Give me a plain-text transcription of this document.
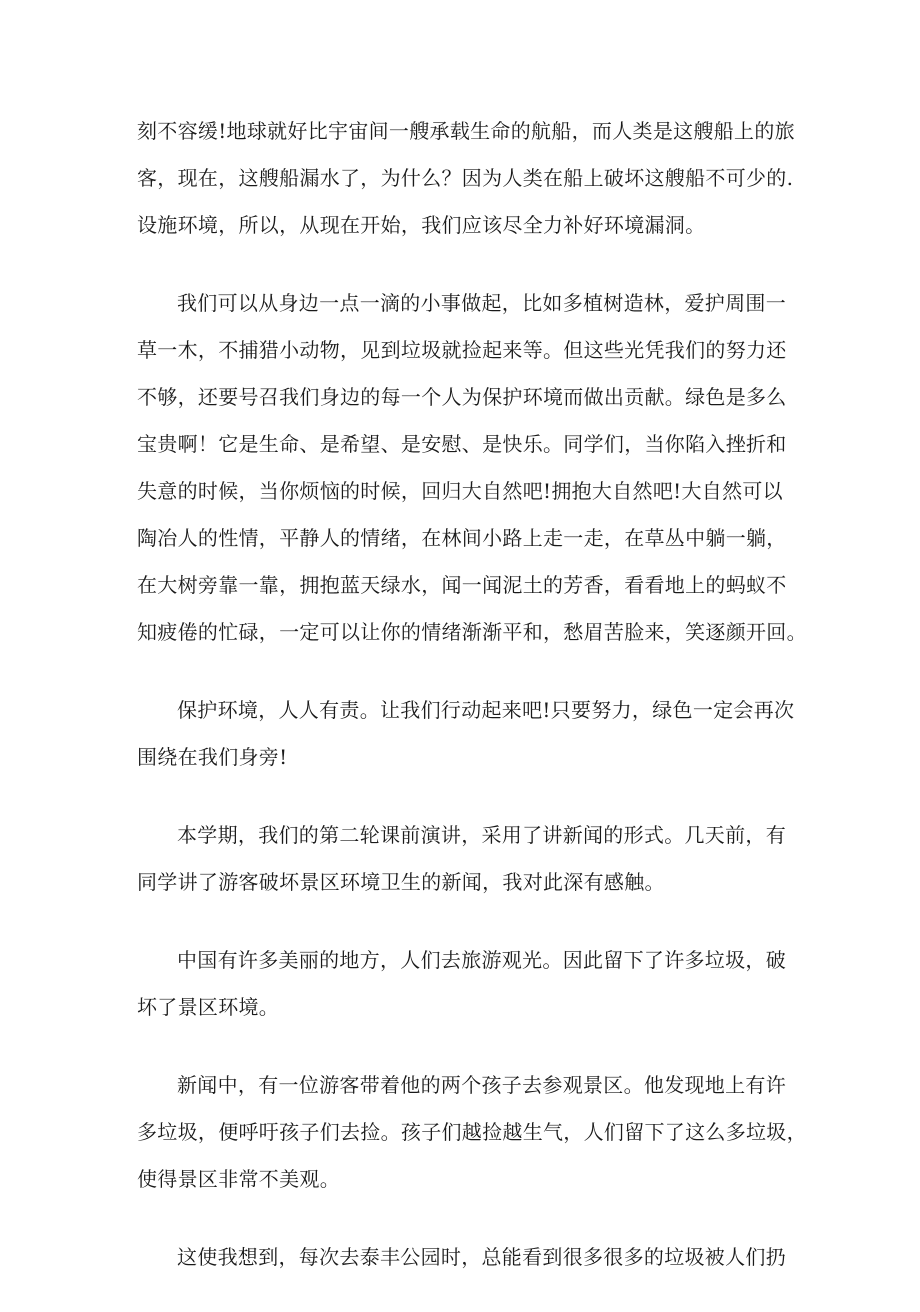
刻不容缓!地球就好比宇宙间一艘承载生命的航船，而人类是这艘船上的旅
客，现在，这艘船漏水了，为什么？因为人类在船上破坏这艘船不可少的.
设施环境，所以，从现在开始，我们应该尽全力补好环境漏洞。
我们可以从身边一点一滴的小事做起，比如多植树造林，爱护周围一
草一木，不捕猎小动物，见到垃圾就捡起来等。但这些光凭我们的努力还
不够，还要号召我们身边的每一个人为保护环境而做出贡献。绿色是多么
宝贵啊！它是生命、是希望、是安慰、是快乐。同学们，当你陷入挫折和
失意的时候，当你烦恼的时候，回归大自然吧!拥抱大自然吧!大自然可以
陶冶人的性情，平静人的情绪，在林间小路上走一走，在草丛中躺一躺，
在大树旁靠一靠，拥抱蓝天绿水，闻一闻泥土的芳香，看看地上的蚂蚁不
知疲倦的忙碌，一定可以让你的情绪渐渐平和，愁眉苦脸来，笑逐颜开回。
保护环境，人人有责。让我们行动起来吧!只要努力，绿色一定会再次
围绕在我们身旁!
本学期，我们的第二轮课前演讲，采用了讲新闻的形式。几天前，有
同学讲了游客破坏景区环境卫生的新闻，我对此深有感触。
中国有许多美丽的地方，人们去旅游观光。因此留下了许多垃圾，破
坏了景区环境。
新闻中，有一位游客带着他的两个孩子去参观景区。他发现地上有许
多垃圾，便呼吁孩子们去捡。孩子们越捡越生气，人们留下了这么多垃圾，
使得景区非常不美观。
这使我想到，每次去泰丰公园时，总能看到很多很多的垃圾被人们扔
